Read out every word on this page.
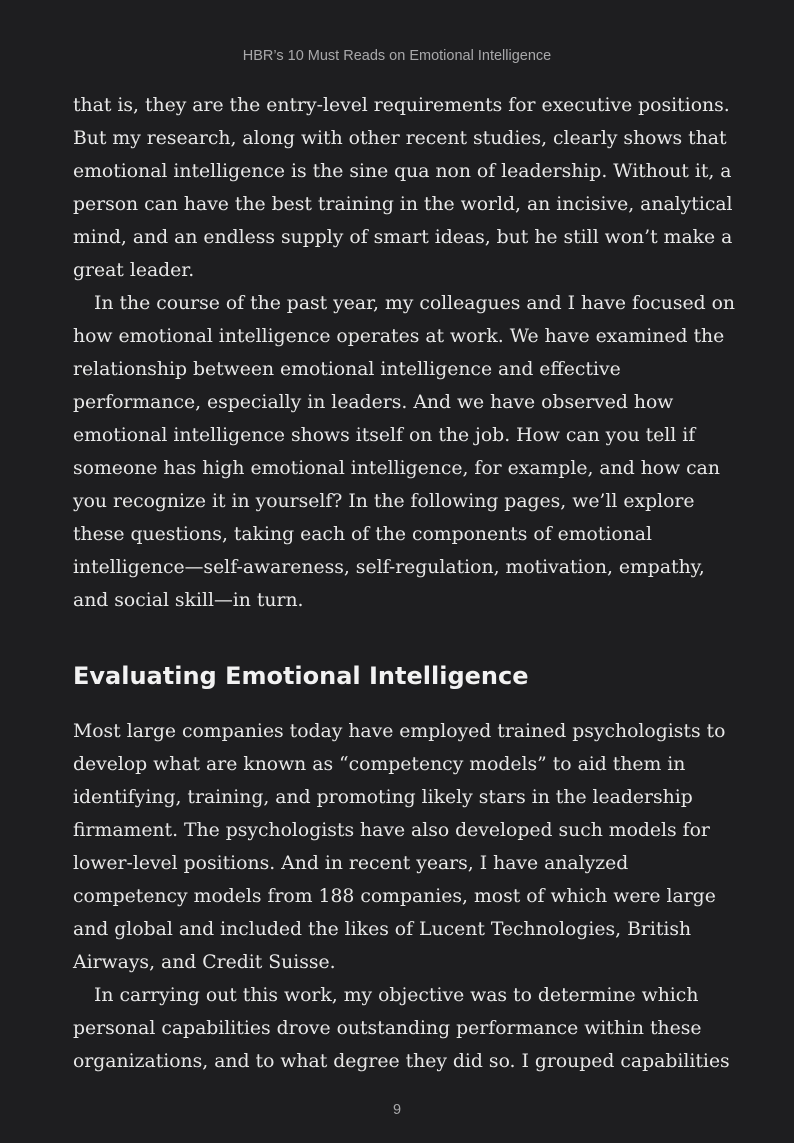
HBR’s 10 Must Reads on Emotional Intelligence

that is, they are the entry-level requirements for executive positions.
But my research, along with other recent studies, clearly shows that
emotional intelligence is the sine qua non of leadership. Without it, a
person can have the best training in the world, an incisive, analytical
mind, and an endless supply of smart ideas, but he still won’t make a
great leader.

In the course of the past year, my colleagues and I have focused on
how emotional intelligence operates at work. We have examined the
relationship between emotional intelligence and effective
performance, especially in leaders. And we have observed how
emotional intelligence shows itself on the job. How can you tell if
someone has high emotional intelligence, for example, and how can
you recognize it in yourself? In the following pages, we’ll explore
these questions, taking each of the components of emotional
intelligence—self-awareness, self-regulation, motivation, empathy,
and social skill—in turn.

Evaluating Emotional Intelligence

Most large companies today have employed trained psychologists to
develop what are known as “competency models” to aid them in
identifying, training, and promoting likely stars in the leadership
firmament. The psychologists have also developed such models for
lower-level positions. And in recent years, I have analyzed
competency models from 188 companies, most of which were large
and global and included the likes of Lucent Technologies, British
Airways, and Credit Suisse.

In carrying out this work, my objective was to determine which
personal capabilities drove outstanding performance within these
organizations, and to what degree they did so. I grouped capabilities

9
